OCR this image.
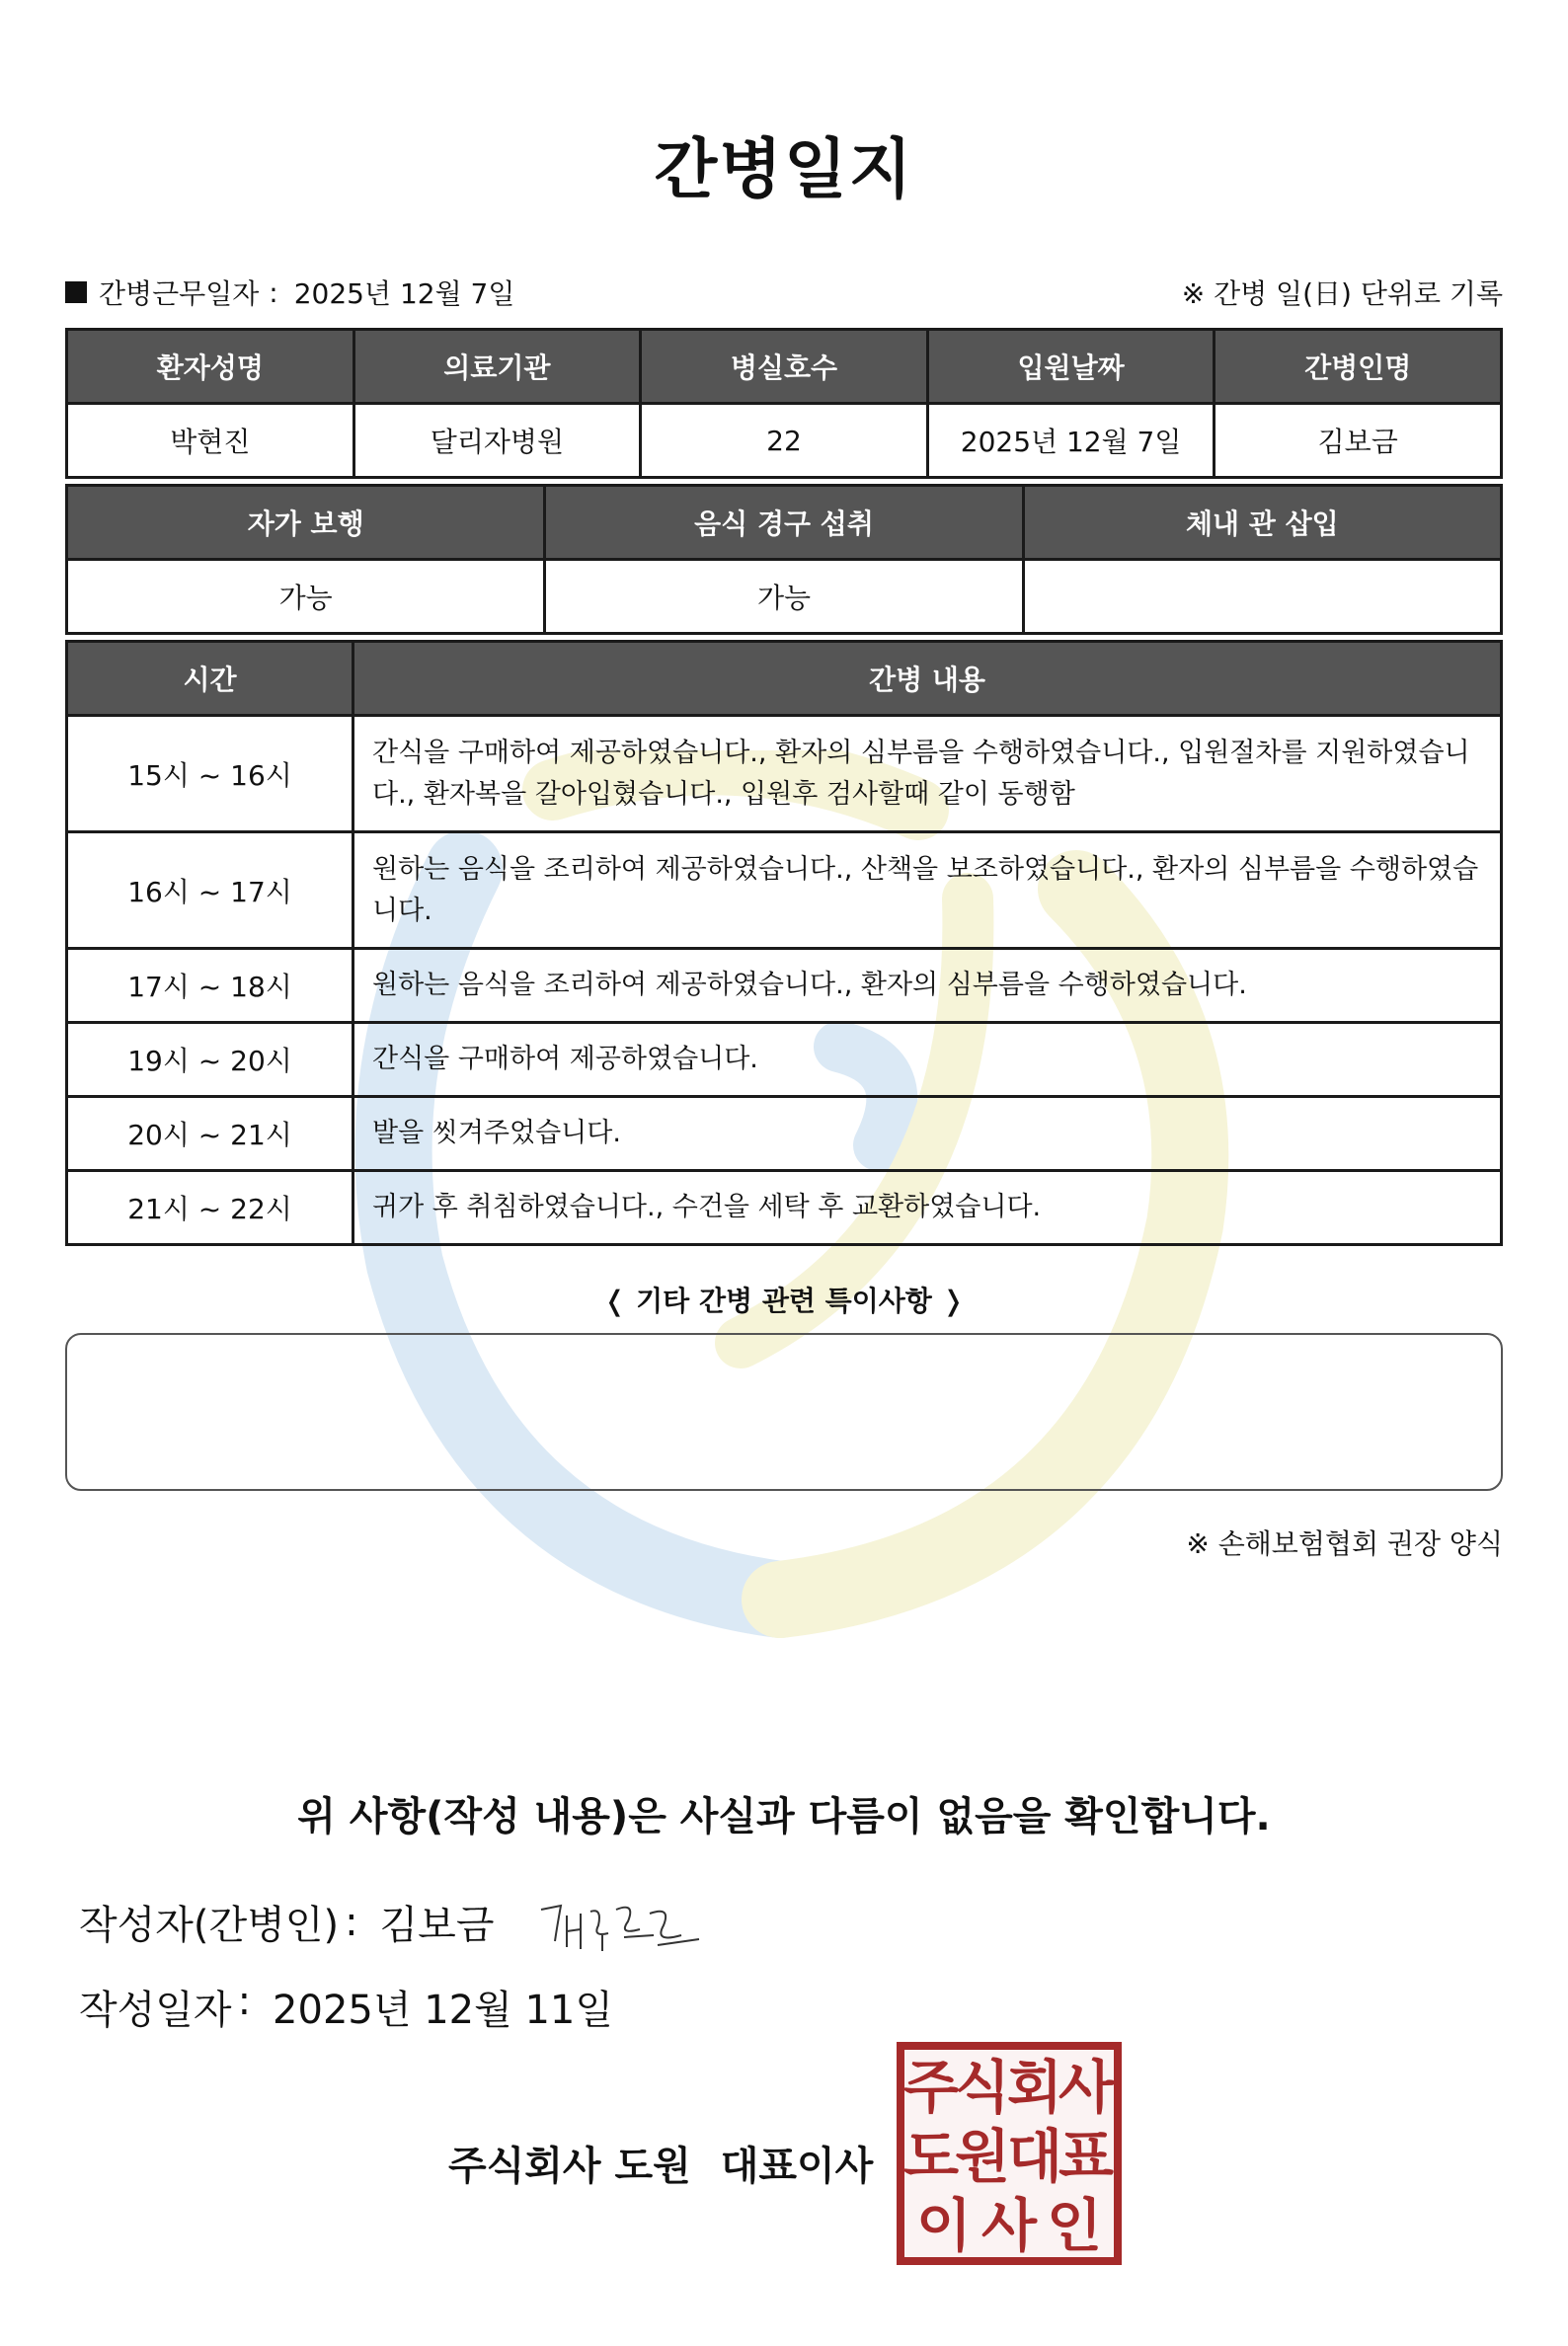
간병일지
간병근무일자 : 2025년 12월 7일	※ 간병 일(日) 단위로 기록
환자성명	의료기관	병실호수	입원날짜	간병인명
박현진	달리자병원	22	2025년 12월 7일	김보금
자가 보행	음식 경구 섭취	체내 관 삽입
가능	가능	
시간	간병 내용
15시 ~ 16시	간식을 구매하여 제공하였습니다., 환자의 심부름을 수행하였습니다., 입원절차를 지원하였습니다., 환자복을 갈아입혔습니다., 입원후 검사할때 같이 동행함
16시 ~ 17시	원하는 음식을 조리하여 제공하였습니다., 산책을 보조하였습니다., 환자의 심부름을 수행하였습니다.
17시 ~ 18시	원하는 음식을 조리하여 제공하였습니다., 환자의 심부름을 수행하였습니다.
19시 ~ 20시	간식을 구매하여 제공하였습니다.
20시 ~ 21시	발을 씻겨주었습니다.
21시 ~ 22시	귀가 후 취침하였습니다., 수건을 세탁 후 교환하였습니다.
❬ 기타 간병 관련 특이사항 ❭
※ 손해보험협회 권장 양식
위 사항(작성 내용)은 사실과 다름이 없음을 확인합니다.
작성자(간병인) : 김보금
작성일자 : 2025년 12월 11일
주식회사 도원 대표이사
주
식
회
사
도
원
대
표
이 사 인
